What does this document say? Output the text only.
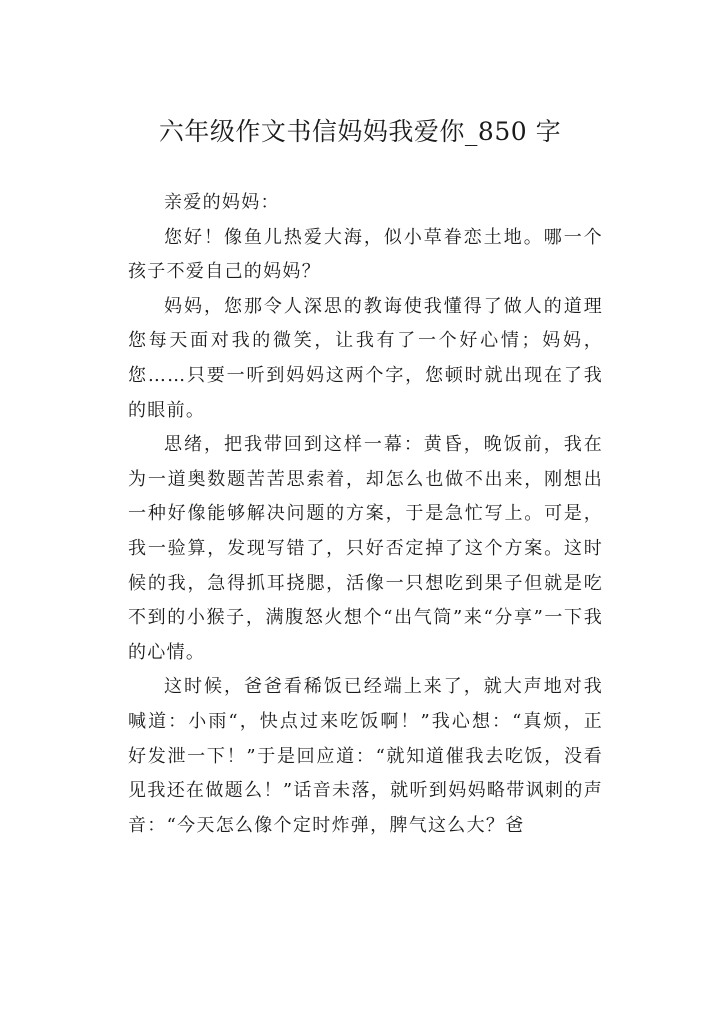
六年级作文书信妈妈我爱你_850 字

亲爱的妈妈：

您好！像鱼儿热爱大海，似小草眷恋土地。哪一个孩子不爱自己的妈妈？

妈妈，您那令人深思的教诲使我懂得了做人的道理您每天面对我的微笑，让我有了一个好心情；妈妈，您……只要一听到妈妈这两个字，您顿时就出现在了我的眼前。

思绪，把我带回到这样一幕：黄昏，晚饭前，我在为一道奥数题苦苦思索着，却怎么也做不出来，刚想出一种好像能够解决问题的方案，于是急忙写上。可是，我一验算，发现写错了，只好否定掉了这个方案。这时候的我，急得抓耳挠腮，活像一只想吃到果子但就是吃不到的小猴子，满腹怒火想个“出气筒”来“分享”一下我的心情。

这时候，爸爸看稀饭已经端上来了，就大声地对我喊道：小雨“，快点过来吃饭啊！”我心想：“真烦，正好发泄一下！”于是回应道：“就知道催我去吃饭，没看见我还在做题么！”话音未落，就听到妈妈略带讽刺的声音：“今天怎么像个定时炸弹，脾气这么大？爸
